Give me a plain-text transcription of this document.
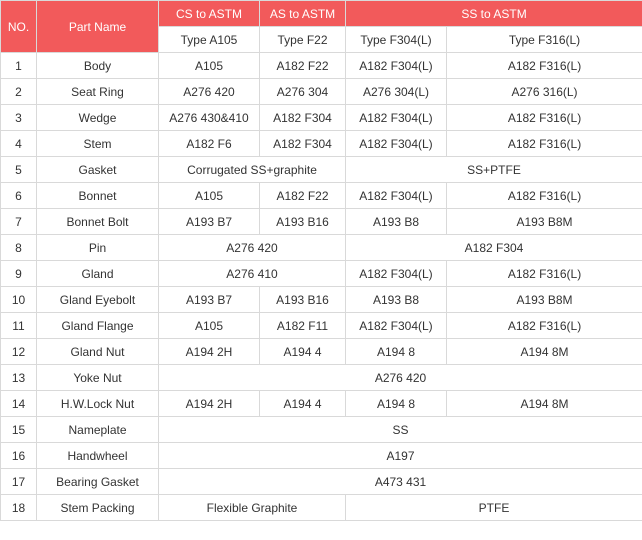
NO.	Part Name	CS to ASTM	AS to ASTM	SS to ASTM	
		Type A105	Type F22	Type F304(L)	Type F316(L)
1	Body	A105	A182 F22	A182 F304(L)	A182 F316(L)
2	Seat Ring	A276 420	A276 304	A276 304(L)	A276 316(L)
3	Wedge	A276 430&410	A182 F304	A182 F304(L)	A182 F316(L)
4	Stem	A182 F6	A182 F304	A182 F304(L)	A182 F316(L)
5	Gasket	Corrugated SS+graphite		SS+PTFE	
6	Bonnet	A105	A182 F22	A182 F304(L)	A182 F316(L)
7	Bonnet Bolt	A193 B7	A193 B16	A193 B8	A193 B8M
8	Pin	A276 420		A182 F304	
9	Gland	A276 410		A182 F304(L)	A182 F316(L)
10	Gland Eyebolt	A193 B7	A193 B16	A193 B8	A193 B8M
11	Gland Flange	A105	A182 F11	A182 F304(L)	A182 F316(L)
12	Gland Nut	A194 2H	A194 4	A194 8	A194 8M
13	Yoke Nut	A276 420			
14	H.W.Lock Nut	A194 2H	A194 4	A194 8	A194 8M
15	Nameplate	SS			
16	Handwheel	A197			
17	Bearing Gasket	A473 431			
18	Stem Packing	Flexible Graphite		PTFE	
